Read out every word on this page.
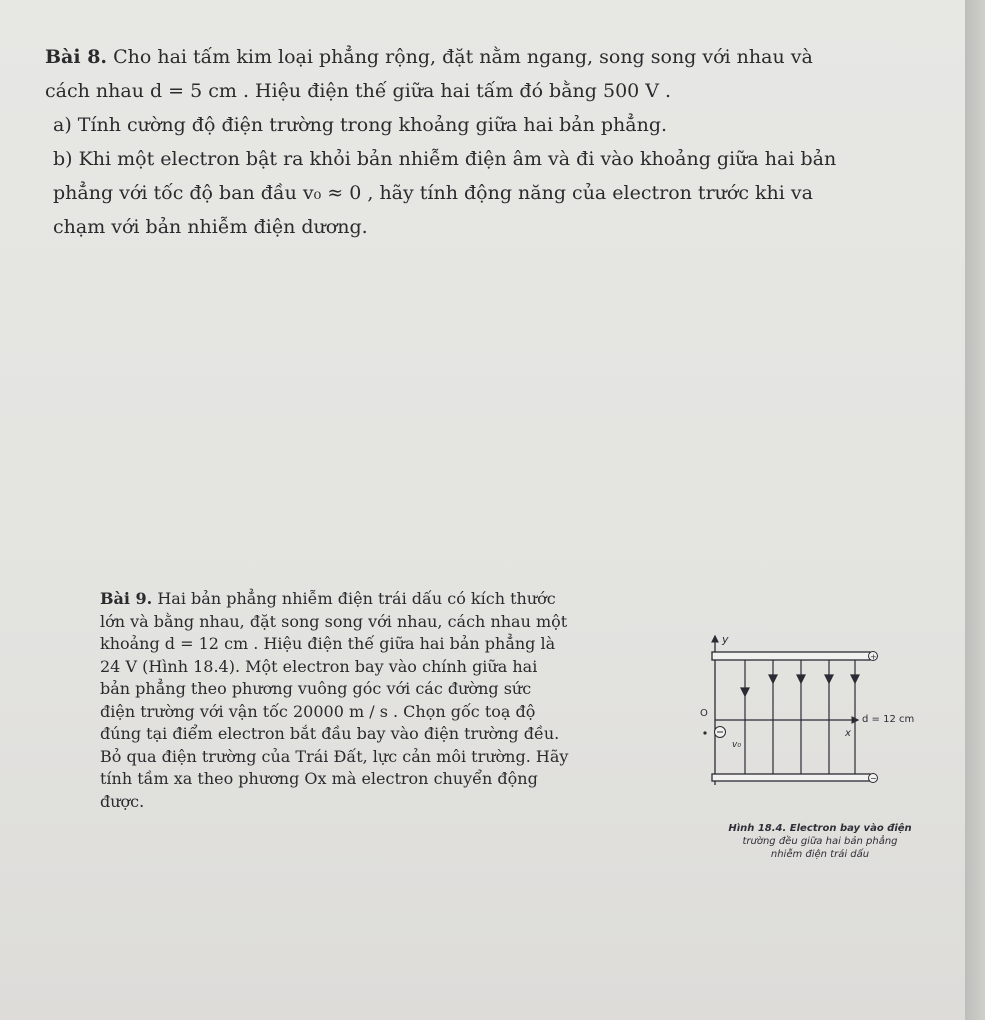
Bài 8. Cho hai tấm kim loại phẳng rộng, đặt nằm ngang, song song với nhau và

cách nhau d = 5 cm . Hiệu điện thế giữa hai tấm đó bằng 500 V .

a) Tính cường độ điện trường trong khoảng giữa hai bản phẳng.

b) Khi một electron bật ra khỏi bản nhiễm điện âm và đi vào khoảng giữa hai bản

phẳng với tốc độ ban đầu v₀ ≈ 0 , hãy tính động năng của electron trước khi va

chạm với bản nhiễm điện dương.

Bài 9. Hai bản phẳng nhiễm điện trái dấu có kích thước

lớn và bằng nhau, đặt song song với nhau, cách nhau một

khoảng d = 12 cm . Hiệu điện thế giữa hai bản phẳng là

24 V (Hình 18.4). Một electron bay vào chính giữa hai

bản phẳng theo phương vuông góc với các đường sức

điện trường với vận tốc 20000 m / s . Chọn gốc toạ độ

đúng tại điểm electron bắt đầu bay vào điện trường đều.

Bỏ qua điện trường của Trái Đất, lực cản môi trường. Hãy

tính tầm xa theo phương Ox mà electron chuyển động

được.

y
+
−
x
O
v₀
d = 12 cm
Hình 18.4. Electron bay vào điện
trường đều giữa hai bản phẳng
nhiễm điện trái dấu
